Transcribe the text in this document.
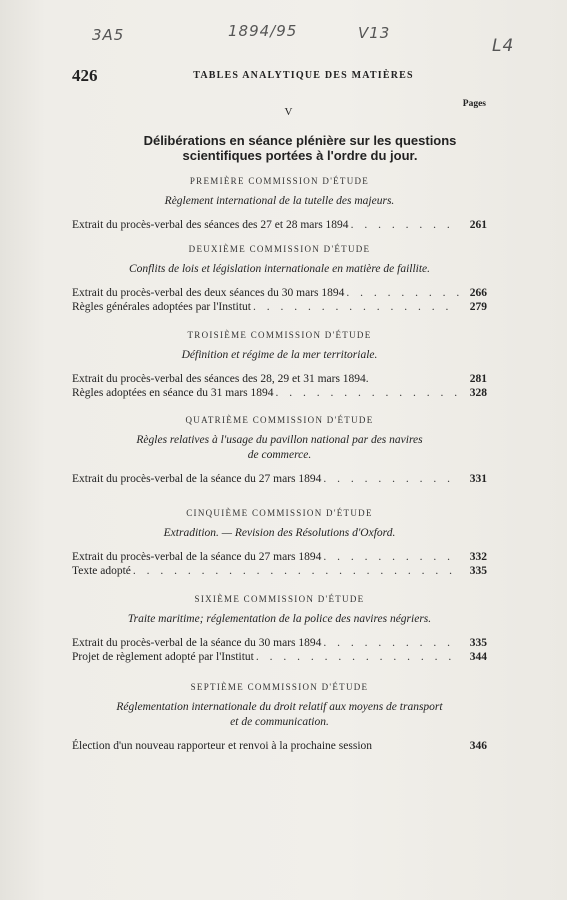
3A5	1894/95	V13
L4
426	TABLES ANALYTIQUE DES MATIÈRES
V
Pages
Délibérations en séance plénière sur les questions
scientifiques portées à l'ordre du jour.
PREMIÈRE COMMISSION D'ÉTUDE
Règlement international de la tutelle des majeurs.
Extrait du procès-verbal des séances des 27 et 28 mars 1894 . . .	261
DEUXIÈME COMMISSION D'ÉTUDE
Conflits de lois et législation internationale en matière de faillite.
Extrait du procès-verbal des deux séances du 30 mars 1894 . . .	266
Règles générales adoptées par l'Institut . . .	279
TROISIÈME COMMISSION D'ÉTUDE
Définition et régime de la mer territoriale.
Extrait du procès-verbal des séances des 28, 29 et 31 mars 1894.	281
Règles adoptées en séance du 31 mars 1894 . . .	328
QUATRIÈME COMMISSION D'ÉTUDE
Règles relatives à l'usage du pavillon national par des navires
de commerce.
Extrait du procès-verbal de la séance du 27 mars 1894 . . .	331
CINQUIÈME COMMISSION D'ÉTUDE
Extradition. — Revision des Résolutions d'Oxford.
Extrait du procès-verbal de la séance du 27 mars 1894 . . .	332
Texte adopté . . .	335
SIXIÈME COMMISSION D'ÉTUDE
Traite maritime; réglementation de la police des navires négriers.
Extrait du procès-verbal de la séance du 30 mars 1894 . . .	335
Projet de règlement adopté par l'Institut . . .	344
SEPTIÈME COMMISSION D'ÉTUDE
Réglementation internationale du droit relatif aux moyens de transport
et de communication.
Élection d'un nouveau rapporteur et renvoi à la prochaine session	346
